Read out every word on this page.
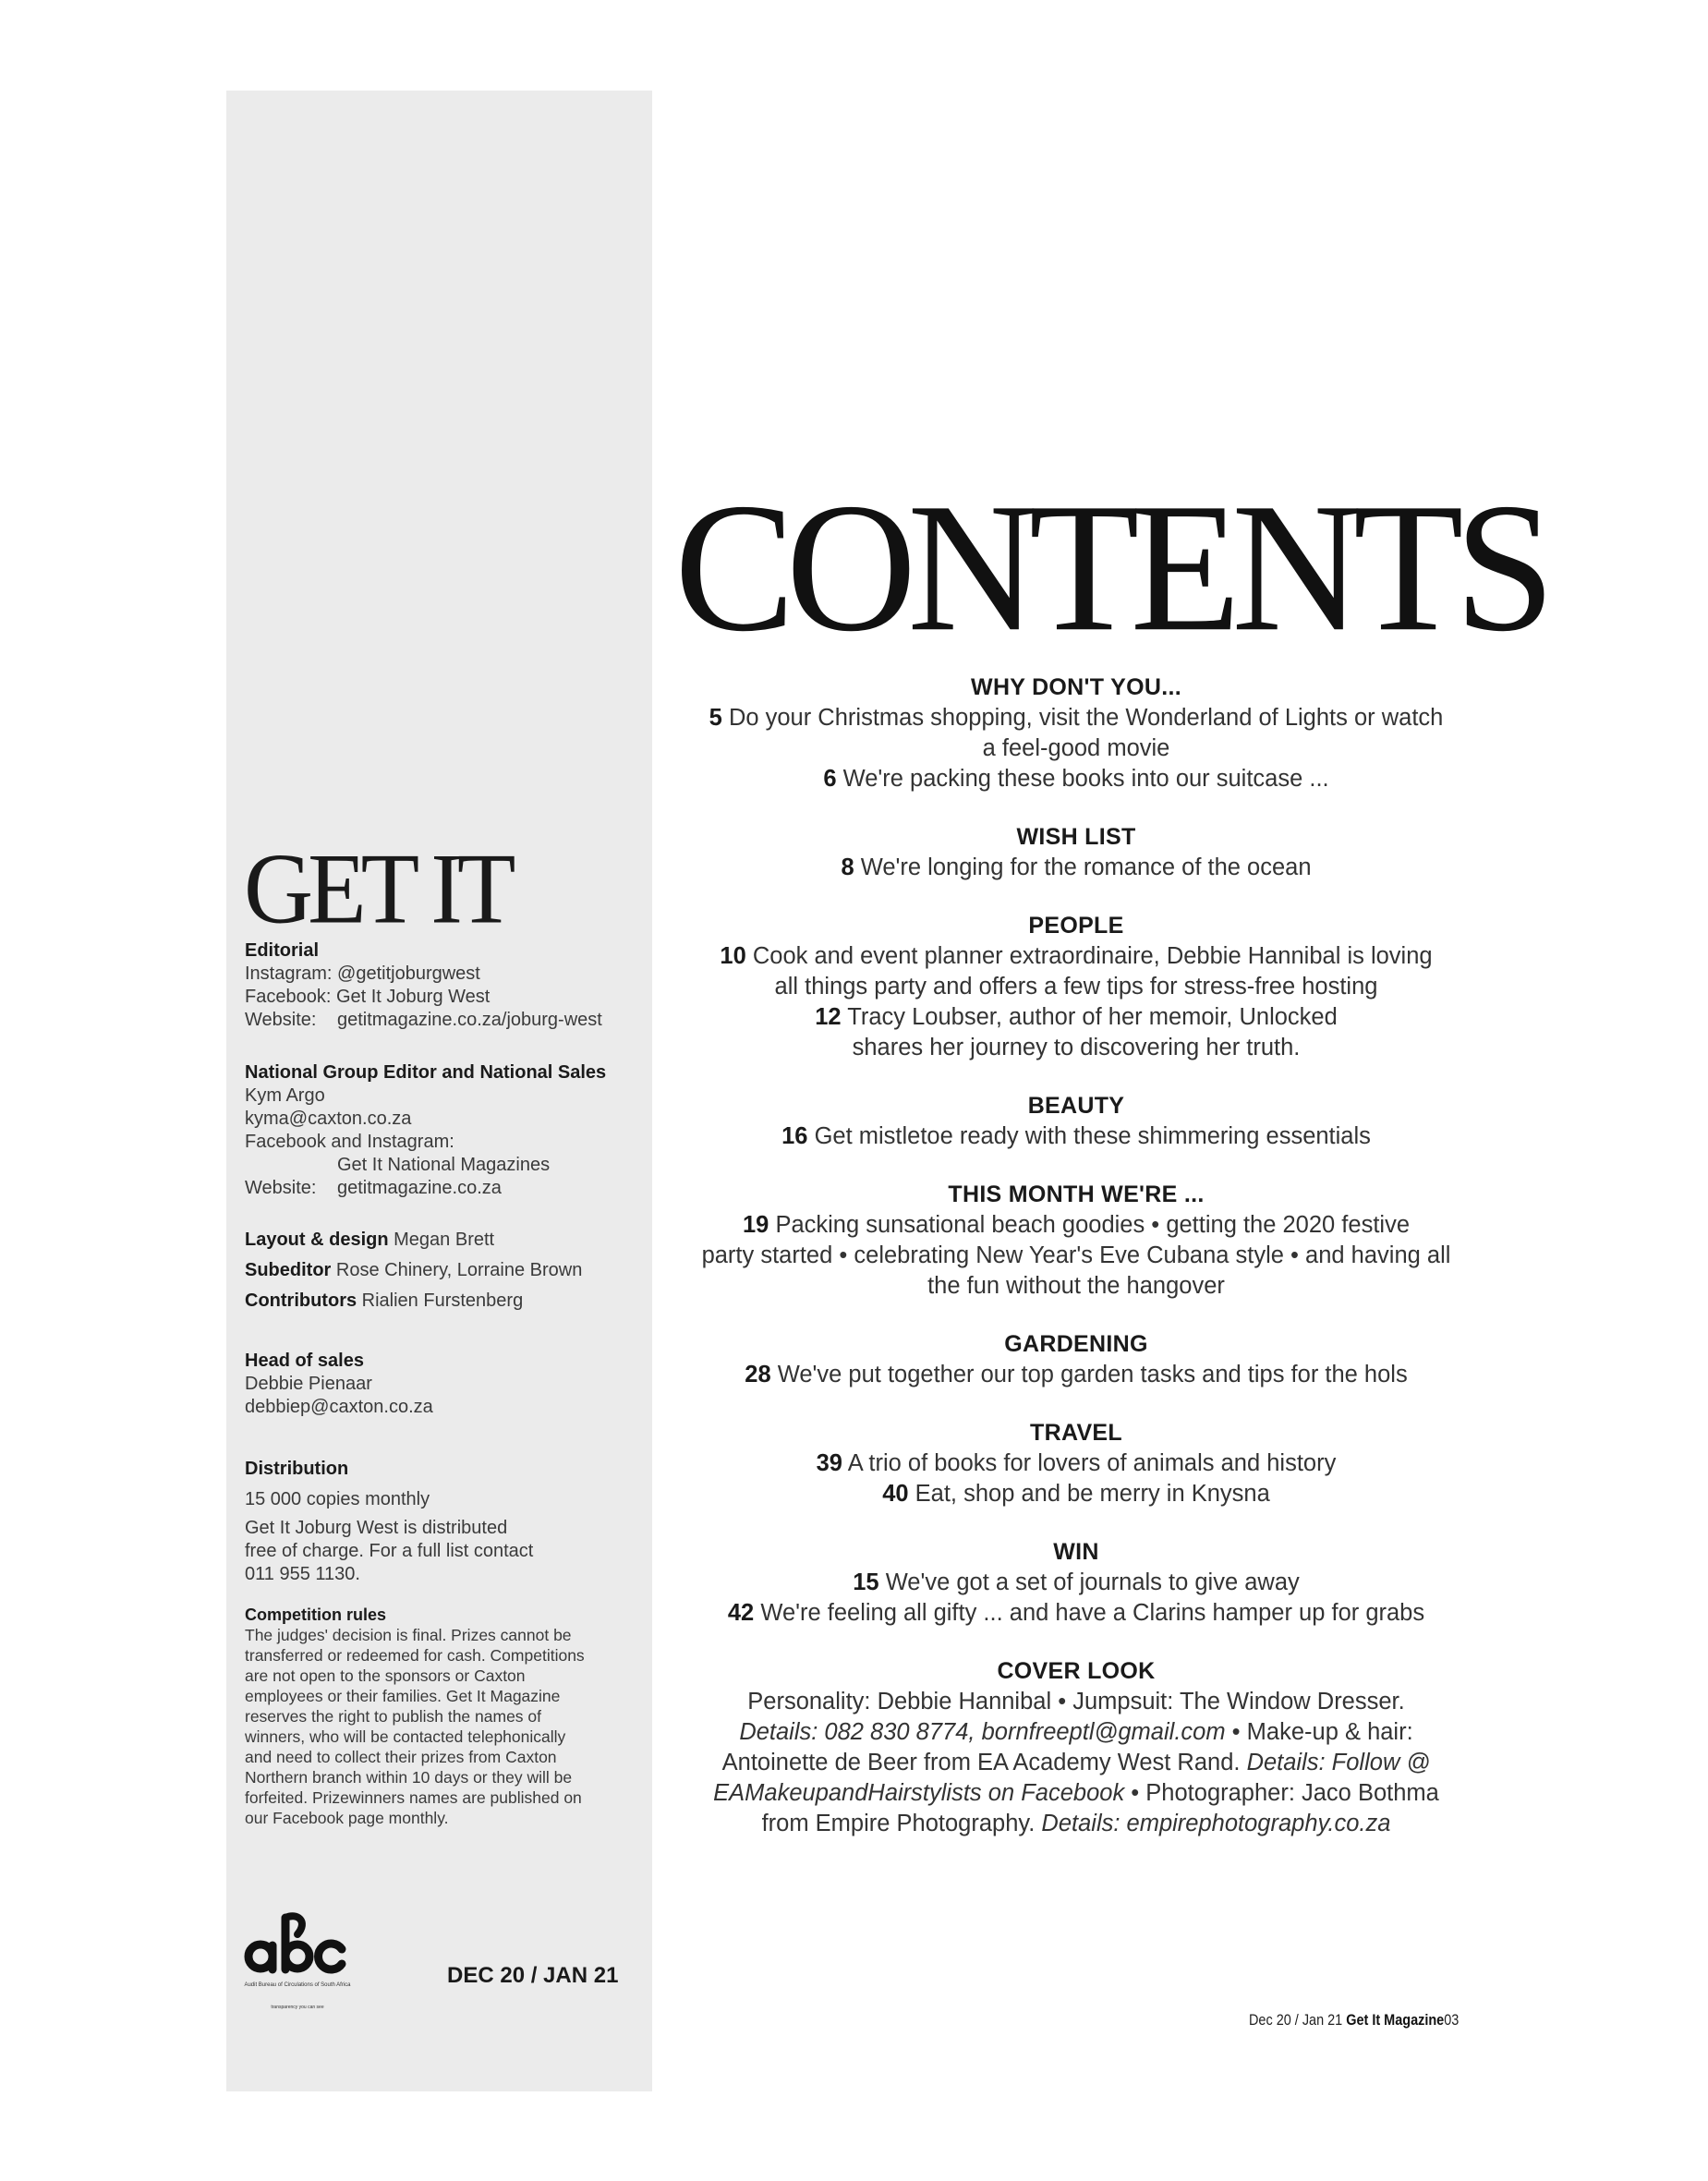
GET IT
Editorial
Instagram: @getitjoburgwest
Facebook: Get It Joburg West
Website: getitmagazine.co.za/joburg-west
National Group Editor and National Sales
Kym Argo
kyma@caxton.co.za
Facebook and Instagram:
Get It National Magazines
Website: getitmagazine.co.za
Layout & design Megan Brett
Subeditor Rose Chinery, Lorraine Brown
Contributors Rialien Furstenberg
Head of sales
Debbie Pienaar
debbiep@caxton.co.za
Distribution
15 000 copies monthly
Get It Joburg West is distributed
free of charge. For a full list contact
011 955 1130.
Competition rules
The judges' decision is final. Prizes cannot be
transferred or redeemed for cash. Competitions
are not open to the sponsors or Caxton
employees or their families. Get It Magazine
reserves the right to publish the names of
winners, who will be contacted telephonically
and need to collect their prizes from Caxton
Northern branch within 10 days or they will be
forfeited. Prizewinners names are published on
our Facebook page monthly.
Audit Bureau of Circulations of South Africa
transparency you can see
DEC 20 / JAN 21
CONTENTS
WHY DON'T YOU...
5 Do your Christmas shopping, visit the Wonderland of Lights or watch
a feel-good movie
6 We're packing these books into our suitcase ...
WISH LIST
8 We're longing for the romance of the ocean
PEOPLE
10 Cook and event planner extraordinaire, Debbie Hannibal is loving
all things party and offers a few tips for stress-free hosting
12 Tracy Loubser, author of her memoir, Unlocked
shares her journey to discovering her truth.
BEAUTY
16 Get mistletoe ready with these shimmering essentials
THIS MONTH WE'RE ...
19 Packing sunsational beach goodies • getting the 2020 festive
party started • celebrating New Year's Eve Cubana style • and having all
the fun without the hangover
GARDENING
28 We've put together our top garden tasks and tips for the hols
TRAVEL
39 A trio of books for lovers of animals and history
40 Eat, shop and be merry in Knysna
WIN
15 We've got a set of journals to give away
42 We're feeling all gifty ... and have a Clarins hamper up for grabs
COVER LOOK
Personality: Debbie Hannibal • Jumpsuit: The Window Dresser.
Details: 082 830 8774, bornfreeptl@gmail.com • Make-up & hair:
Antoinette de Beer from EA Academy West Rand. Details: Follow @
EAMakeupandHairstylists on Facebook • Photographer: Jaco Bothma
from Empire Photography. Details: empirephotography.co.za
Dec 20 / Jan 21 Get It Magazine03
